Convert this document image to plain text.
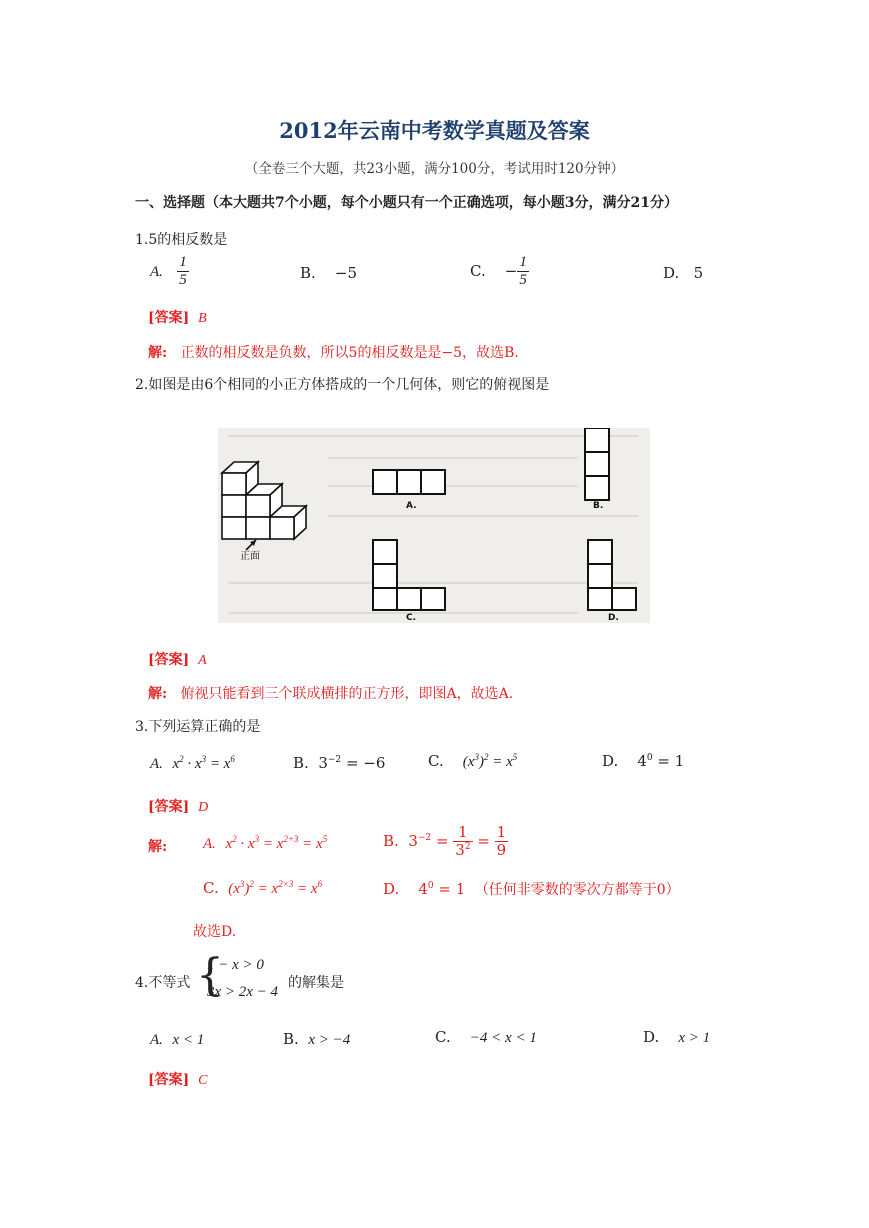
2012年云南中考数学真题及答案
（全卷三个大题，共23小题，满分100分，考试用时120分钟）
一、选择题（本大题共7个小题，每个小题只有一个正确选项，每小题3分，满分21分）
1.5的相反数是
A. $\frac{1}{5}$	B. −5	C. − $\frac{1}{5}$	D. 5
[答案] B
解: 正数的相反数是负数，所以5的相反数是是−5，故选B.
2.如图是由6个相同的小正方体搭成的一个几何体，则它的俯视图是
正面
A.	B.
C.	D.
[答案] A
解: 俯视只能看到三个联成横排的正方形，即图A，故选A.
3.下列运算正确的是
A. $x^2 \cdot x^3 = x^6$	B.  $3^{-2} = -6$	C. $(x^3)^2 = x^5$	D.    $4^0 = 1$
[答案] D
解: A. $x^2 \cdot x^3 = x^{2+3} = x^5$	B.  $3^{-2} = \frac{1}{3^2} = \frac{1}{9}$
C. $(x^3)^2 = x^{2\times 3} = x^6$	D.    $4^0 = 1$  （任何非零数的零次方都等于0）
故选D.
4.不等式 {
1 − x > 0
3x > 2x − 4
的解集是
A. x < 1	B. x > −4	C. −4 < x < 1	D. x > 1
[答案] C
